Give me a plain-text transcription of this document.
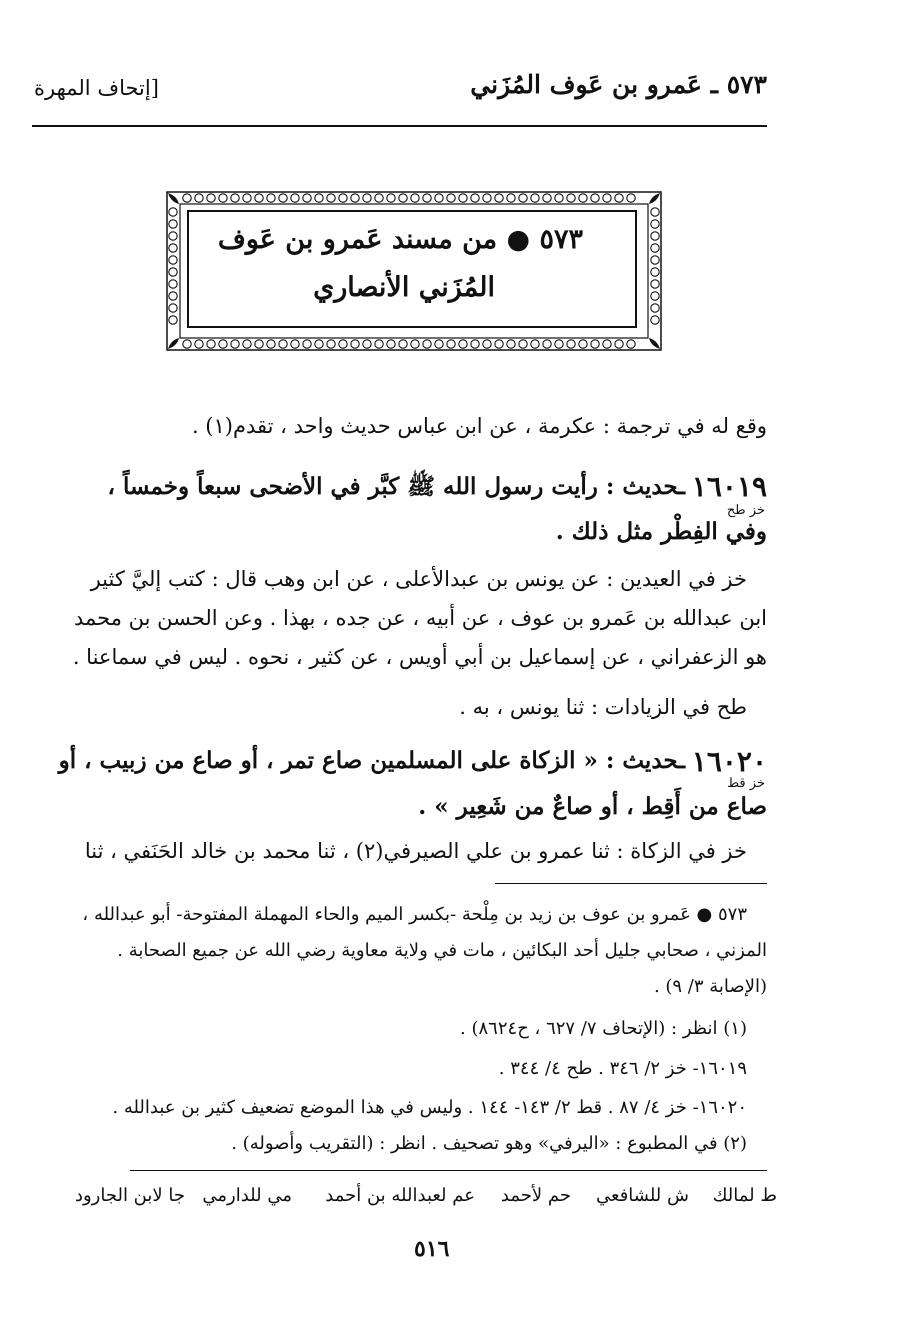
٥٧٣ ـ عَمرو بن عَوف المُزَني
[إتحاف المهرة
٥٧٣ ● من مسند عَمرو بن عَوف
المُزَني الأنصاري
وقع له في ترجمة : عكرمة ، عن ابن عباس حديث واحد ، تقدم(١) .
١٦٠١٩
خز طح
ـحديث : رأيت رسول الله ﷺ كبَّر في الأضحى سبعاً وخمساً ،
وفي الفِطْر مثل ذلك .
خز في العيدين : عن يونس بن عبدالأعلى ، عن ابن وهب قال : كتب إليَّ كثير
ابن عبدالله بن عَمرو بن عوف ، عن أبيه ، عن جده ، بهذا . وعن الحسن بن محمد
هو الزعفراني ، عن إسماعيل بن أبي أويس ، عن كثير ، نحوه . ليس في سماعنا .
طح في الزيادات : ثنا يونس ، به .
١٦٠٢٠
خز قط
ـحديث : « الزكاة على المسلمين صاع تمر ، أو صاع من زبيب ، أو
صاع من أَقِط ، أو صاعٌ من شَعِير » .
خز في الزكاة : ثنا عمرو بن علي الصيرفي(٢) ، ثنا محمد بن خالد الحَنَفي ، ثنا
٥٧٣ ● عَمرو بن عوف بن زيد بن مِلْحة -بكسر الميم والحاء المهملة المفتوحة- أبو عبدالله ،
المزني ، صحابي جليل أحد البكائين ، مات في ولاية معاوية رضي الله عن جميع الصحابة .
(الإصابة ٣/ ٩) .
(١) انظر : (الإتحاف ٧/ ٦٢٧ ، ح٨٦٢٤) .
١٦٠١٩- خز ٢/ ٣٤٦ . طح ٤/ ٣٤٤ .
١٦٠٢٠- خز ٤/ ٨٧ . قط ٢/ ١٤٣- ١٤٤ . وليس في هذا الموضع تضعيف كثير بن عبدالله .
(٢) في المطبوع : «اليرفي» وهو تصحيف . انظر : (التقريب وأصوله) .
ط لمالك
ش للشافعي
حم لأحمد
عم لعبدالله بن أحمد
مي للدارمي
جا لابن الجارود
٥١٦
